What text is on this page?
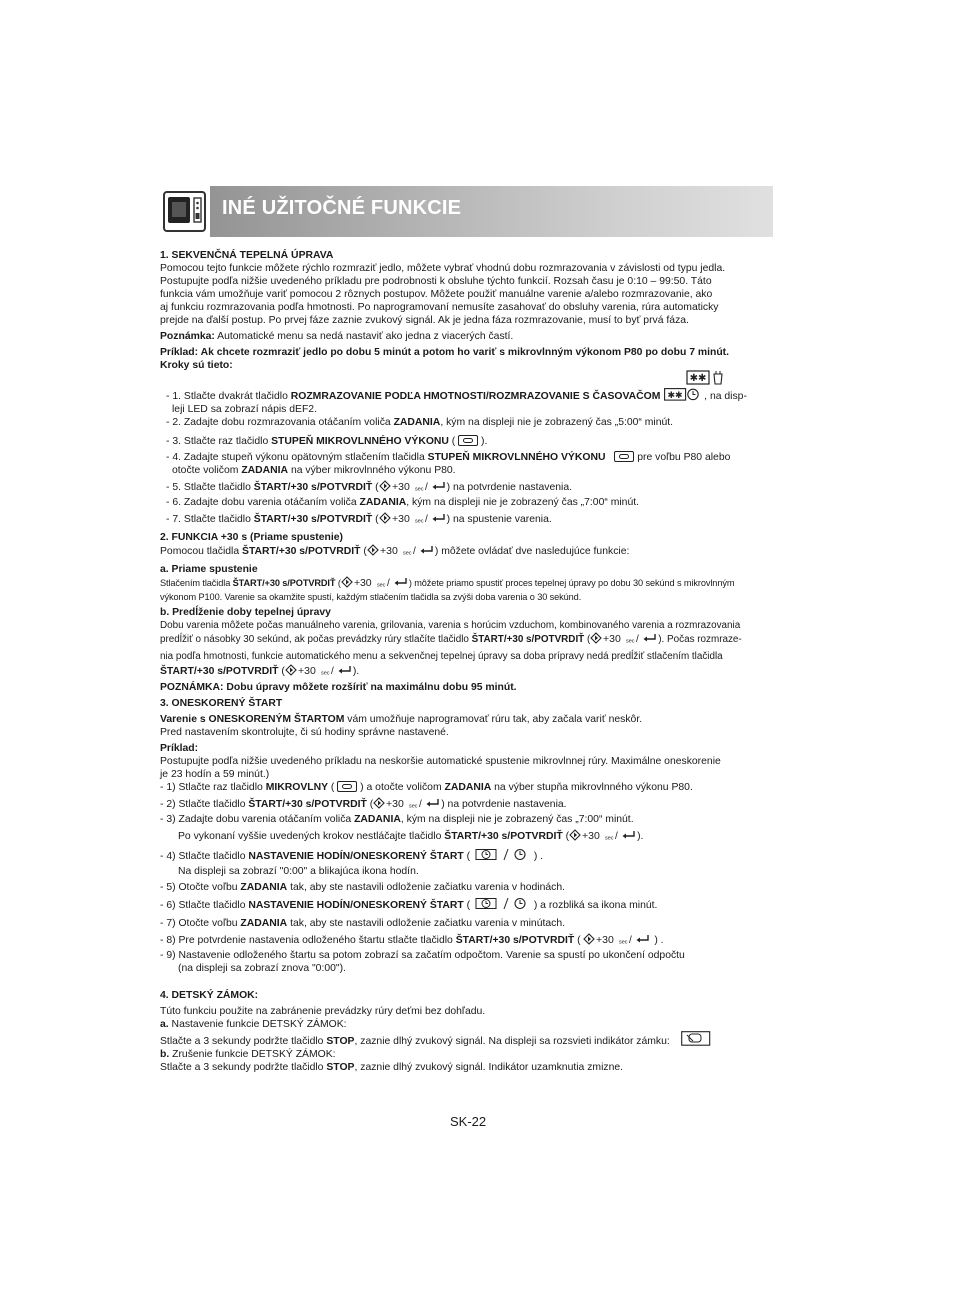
INÉ UŽITOČNÉ FUNKCIE

1. SEKVENČNÁ TEPELNÁ ÚPRAVA

Pomocou tejto funkcie môžete rýchlo rozmraziť jedlo, môžete vybrať vhodnú dobu rozmrazovania v závislosti od typu jedla.

Postupujte podľa nižšie uvedeného príkladu pre podrobnosti k obsluhe týchto funkcií. Rozsah času je 0:10 – 99:50. Táto

funkcia vám umožňuje variť pomocou 2 rôznych postupov. Môžete použiť manuálne varenie a/alebo rozmrazovanie, ako

aj funkciu rozmrazovania podľa hmotnosti. Po naprogramovaní nemusíte zasahovať do obsluhy varenia, rúra automaticky

prejde na ďalší postup. Po prvej fáze zaznie zvukový signál. Ak je jedna fáza rozmrazovanie, musí to byť prvá fáza.

Poznámka: Automatické menu sa nedá nastaviť ako jedna z viacerých častí.

Príklad: Ak chcete rozmraziť jedlo po dobu 5 minút a potom ho variť s mikrovlnným výkonom P80 po dobu 7 minút.

Kroky sú tieto:

✱✱

- 1. Stlačte dvakrát tlačidlo ROZMRAZOVANIE PODĽA HMOTNOSTI/ROZMRAZOVANIE S ČASOVAČOM ✱✱ , na disp-

leji LED sa zobrazí nápis dEF2.

- 2. Zadajte dobu rozmrazovania otáčaním voliča ZADANIA, kým na displeji nie je zobrazený čas „5:00“ minút.

- 3. Stlačte raz tlačidlo STUPEŇ MIKROVLNNÉHO VÝKONU (  ).

- 4. Zadajte stupeň výkonu opätovným stlačením tlačidla STUPEŇ MIKROVLNNÉHO VÝKONU	pre voľbu P80 alebo

otočte voličom ZADANIA na výber mikrovlnného výkonu P80.

- 5. Stlačte tlačidlo ŠTART/+30 s/POTVRDIŤ ( +30 sec / ) na potvrdenie nastavenia.

- 6. Zadajte dobu varenia otáčaním voliča ZADANIA, kým na displeji nie je zobrazený čas „7:00“ minút.

- 7. Stlačte tlačidlo ŠTART/+30 s/POTVRDIŤ ( +30 sec / ) na spustenie varenia.

2. FUNKCIA +30 s (Priame spustenie)

Pomocou tlačidla ŠTART/+30 s/POTVRDIŤ ( +30 sec / ) môžete ovládať dve nasledujúce funkcie:

a. Priame spustenie

Stlačením tlačidla ŠTART/+30 s/POTVRDIŤ ( +30 sec / ) môžete priamo spustiť proces tepelnej úpravy po dobu 30 sekúnd s mikrovlnným

výkonom P100. Varenie sa okamžite spustí, každým stlačením tlačidla sa zvýši doba varenia o 30 sekúnd.

b. Predĺženie doby tepelnej úpravy

Dobu varenia môžete počas manuálneho varenia, grilovania, varenia s horúcim vzduchom, kombinovaného varenia a rozmrazovania

predĺžiť o násobky 30 sekúnd, ak počas prevádzky rúry stlačíte tlačidlo ŠTART/+30 s/POTVRDIŤ ( +30 sec / ). Počas rozmraze-

nia podľa hmotnosti, funkcie automatického menu a sekvenčnej tepelnej úpravy sa doba prípravy nedá predĺžiť stlačením tlačidla

ŠTART/+30 s/POTVRDIŤ ( +30 sec / ).

POZNÁMKA: Dobu úpravy môžete rozšíriť na maximálnu dobu 95 minút.

3. ONESKORENÝ ŠTART

Varenie s ONESKORENÝM ŠTARTOM vám umožňuje naprogramovať rúru tak, aby začala variť neskôr.

Pred nastavením skontrolujte, či sú hodiny správne nastavené.

Príklad:

Postupujte podľa nižšie uvedeného príkladu na neskoršie automatické spustenie mikrovlnnej rúry. Maximálne oneskorenie

je 23 hodín a 59 minút.)

- 1) Stlačte raz tlačidlo MIKROVLNY (  ) a otočte voličom ZADANIA na výber stupňa mikrovlnného výkonu P80.

- 2) Stlačte tlačidlo ŠTART/+30 s/POTVRDIŤ ( +30 sec / ) na potvrdenie nastavenia.

- 3) Zadajte dobu varenia otáčaním voliča ZADANIA, kým na displeji nie je zobrazený čas „7:00“ minút.

Po vykonaní vyššie uvedených krokov nestláčajte tlačidlo ŠTART/+30 s/POTVRDIŤ ( +30 sec / ).

- 4) Stlačte tlačidlo NASTAVENIE HODÍN/ONESKORENÝ ŠTART (	) .

Na displeji sa zobrazí "0:00" a blikajúca ikona hodín.

- 5) Otočte voľbu ZADANIA tak, aby ste nastavili odloženie začiatku varenia v hodinách.

- 6) Stlačte tlačidlo NASTAVENIE HODÍN/ONESKORENÝ ŠTART (	) a rozbliká sa ikona minút.

- 7) Otočte voľbu ZADANIA tak, aby ste nastavili odloženie začiatku varenia v minútach.

- 8) Pre potvrdenie nastavenia odloženého štartu stlačte tlačidlo ŠTART/+30 s/POTVRDIŤ ( +30 sec / ) .

- 9) Nastavenie odloženého štartu sa potom zobrazí sa začatím odpočtom. Varenie sa spustí po ukončení odpočtu

(na displeji sa zobrazí znova "0:00").

4. DETSKÝ ZÁMOK:

Túto funkciu použite na zabránenie prevádzky rúry deťmi bez dohľadu.

a. Nastavenie funkcie DETSKÝ ZÁMOK:

Stlačte a 3 sekundy podržte tlačidlo STOP, zaznie dlhý zvukový signál. Na displeji sa rozsvieti indikátor zámku:

b. Zrušenie funkcie DETSKÝ ZÁMOK:

Stlačte a 3 sekundy podržte tlačidlo STOP, zaznie dlhý zvukový signál. Indikátor uzamknutia zmizne.

SK-22
